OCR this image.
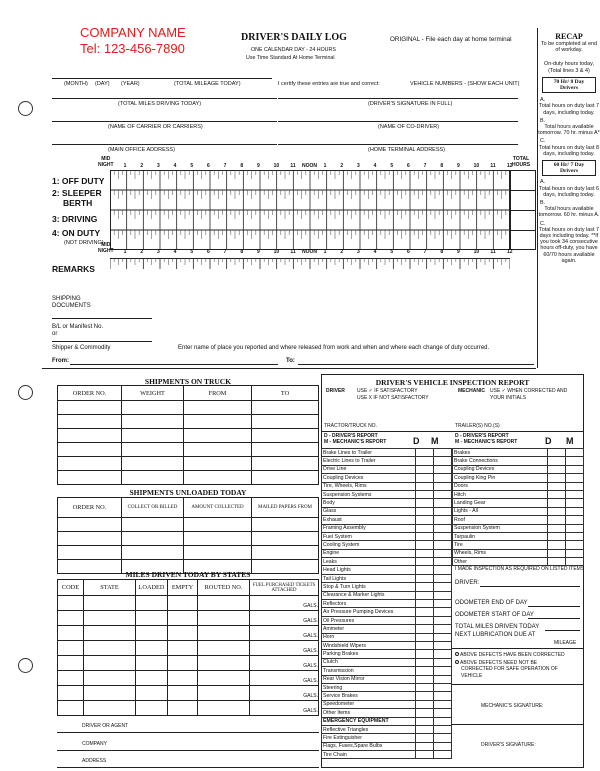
COMPANY NAME
Tel: 123-456-7890
DRIVER'S DAILY LOG
ONE CALENDAR DAY - 24 HOURS
Use Time Standard At Home Terminal
ORIGINAL - File each day at home terminal
(MONTH) (DAY) (YEAR)	(TOTAL MILEAGE TODAY)	I certify these entries are true and correct:	VEHICLE NUMBERS - (SHOW EACH UNIT)
(TOTAL MILES DRIVING TODAY)	(DRIVER'S SIGNATURE IN FULL)
(NAME OF CARRIER OR CARRIERS)	(NAME OF CO-DRIVER)
(MAIN OFFICE ADDRESS)	(HOME TERMINAL ADDRESS)
MID
NIGHT
TOTAL
HOURS
1	2	3	4	5	6	7	8	9	10 11 NOON 1	2	3	4	5	6	7	8	9	10 11 12
1: OFF DUTY
2: SLEEPER
BERTH
3: DRIVING
4: ON DUTY
(NOT DRIVING)
MID
NIGHT 1	2	3	4	5	6	7	8	9	10 11 NOON 1	2	3	4	5	6	7	8	9	10 11 12
REMARKS
SHIPPING
DOCUMENTS
B/L or Manifest No.
or
Shipper & Commodity	Enter name of place you reported and where released from work and when and where each change of duty occurred.
From:	To:
RECAP
To be completed at end of workday.
On-duty hours today, (Total lines 3 & 4)
70 Hr/ 8 Day Drivers
A.
Total hours on duty last 7 days, including today.
B.
Total hours available tomorrow. 70 hr. minus A*
C.
Total hours on duty last 8 days, including today.
60 Hr/ 7 Day Drivers
A.
Total hours on duty last 6 days, including today.
B.
Total hours available tomorrow. 60 hr. minus A.
C.
Total hours on duty last 7 days including today. **If you took 34 consecutive hours off-duty, you have 60/70 hours available again.
SHIPMENTS ON TRUCK
ORDER NO.	WEIGHT	FROM	TO

SHIPMENTS UNLOADED TODAY
ORDER NO.	COLLECT OR BILLED	AMOUNT COLLECTED	MAILED PAPERS FROM

MILES DRIVEN TODAY BY STATES
CODE	STATE	LOADED	EMPTY	ROUTED NO.	FUEL PURCHASED TICKETS ATTACHED
					GALS.
					GALS.
					GALS.
					GALS.
					GALS.
					GALS.
					GALS.
					GALS.
DRIVER OR AGENT
COMPANY
ADDRESS
DRIVER'S VEHICLE INSPECTION REPORT
DRIVER USE ✓ IF SATISFACTORY
USE X IF NOT SATISFACTORY
MECHANIC USE ✓ WHEN CORRECTED AND
YOUR INITIALS
TRACTOR/TRUCK NO.	TRAILER(S) NO.(S)
D - DRIVER'S REPORT
M - MECHANIC'S REPORT	D M	D - DRIVER'S REPORT
M - MECHANIC'S REPORT	D M
Brake Lines to Trailer		
Electric Lines to Trailer		
Drive Line		
Coupling Devices		
Tire, Wheels, Rims		
Suspension Systems		
Body		
Glass		
Exhaust		
Framing Assembly		
Fuel System		
Cooling System		
Engine		
Leaks		
Head Lights		
Tail Lights		
Stop & Turn Lights		
Clearance & Marker Lights		
Reflectors		
Air Pressure Pumping Devices		
Oil Pressures		
Ammeter		
Horn		
Windshield Wipers		
Parking Brakes		
Clutch		
Transmission		
Rear Vision Mirror		
Steering		
Service Brakes		
Speedometer		
Other Items		
EMERGENCY EQUIPMENT		
Reflective Triangles		
Fire Extinguisher		
Flags, Fuses,Spare Bulbs		
Tire Chain		
Brakes		
Brake Connections		
Coupling Devices		
Coupling King Pin		
Doors		
Hitch		
Landing Gear		
Lights - All		
Roof		
Suspension System		
Tarpaulin		
Tire		
Wheels, Rims		
Other		
I MADE INSPECTION AS REQUIRED ON LISTED ITEMS
DRIVER:
ODOMETER END OF DAY
ODOMETER START OF DAY
TOTAL MILES DRIVEN TODAY
NEXT LUBRICATION DUE AT
MILEAGE
ABOVE DEFECTS HAVE BEEN CORRECTED
ABOVE DEFECTS NEED NOT BE
CORRECTED FOR SAFE OPERATION OF
VEHICLE
MECHANIC'S SIGNATURE:
DRIVER'S SIGNATURE:
